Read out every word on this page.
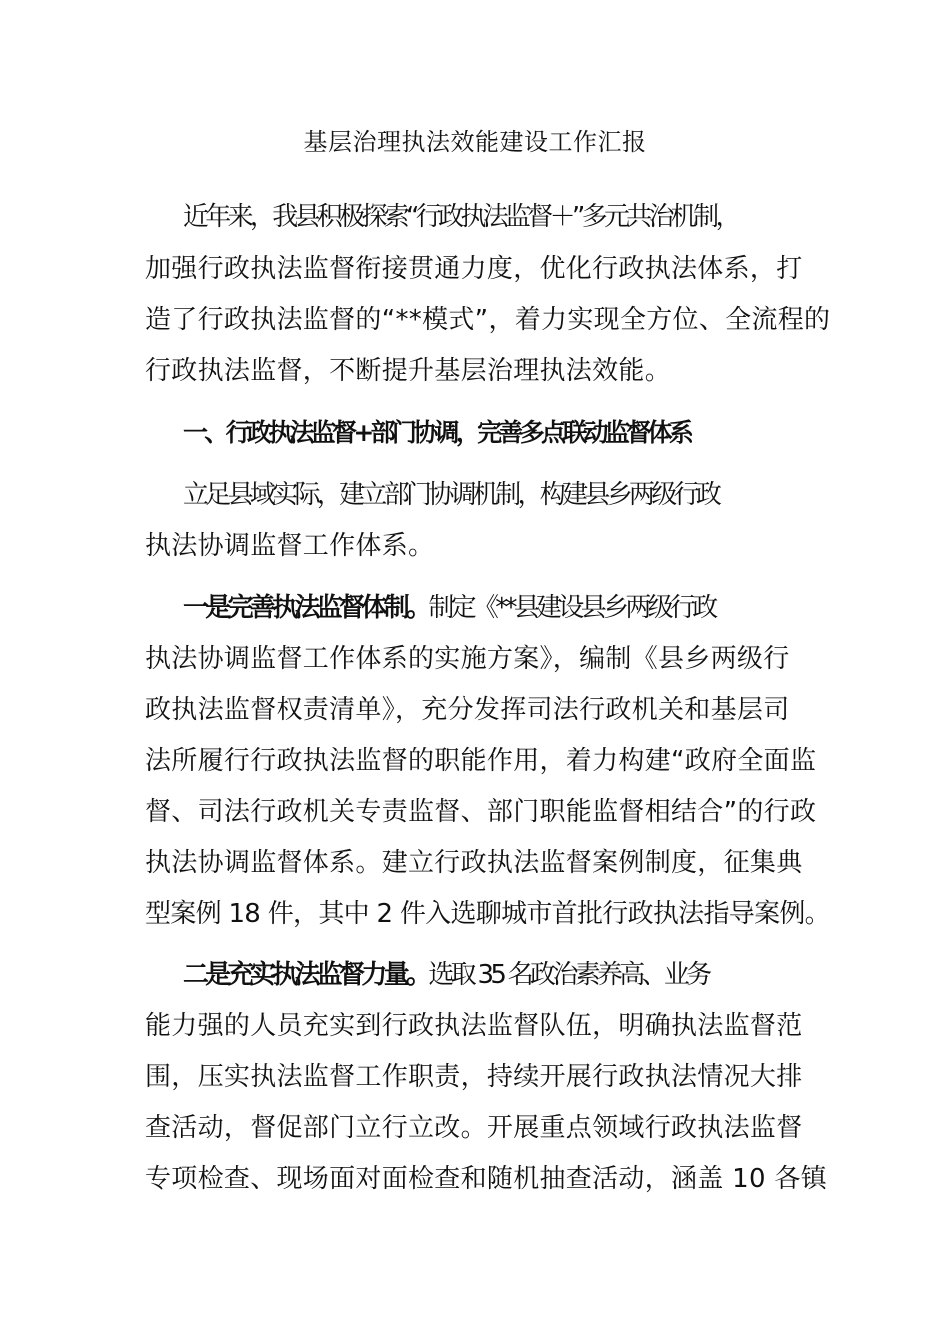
基层治理执法效能建设工作汇报
近年来，我县积极探索“行政执法监督＋”多元共治机制，
加强行政执法监督衔接贯通力度，优化行政执法体系，打
造了行政执法监督的“**模式”，着力实现全方位、全流程的
行政执法监督，不断提升基层治理执法效能。
一、行政执法监督+部门协调，完善多点联动监督体系
立足县域实际，建立部门协调机制，构建县乡两级行政
执法协调监督工作体系。
一是完善执法监督体制。制定《**县建设县乡两级行政
执法协调监督工作体系的实施方案》，编制《县乡两级行
政执法监督权责清单》，充分发挥司法行政机关和基层司
法所履行行政执法监督的职能作用，着力构建“政府全面监
督、司法行政机关专责监督、部门职能监督相结合”的行政
执法协调监督体系。建立行政执法监督案例制度，征集典
型案例 18 件，其中 2 件入选聊城市首批行政执法指导案例。
二是充实执法监督力量。选取 35 名政治素养高、业务
能力强的人员充实到行政执法监督队伍，明确执法监督范
围，压实执法监督工作职责，持续开展行政执法情况大排
查活动，督促部门立行立改。开展重点领域行政执法监督
专项检查、现场面对面检查和随机抽查活动，涵盖 10 各镇
